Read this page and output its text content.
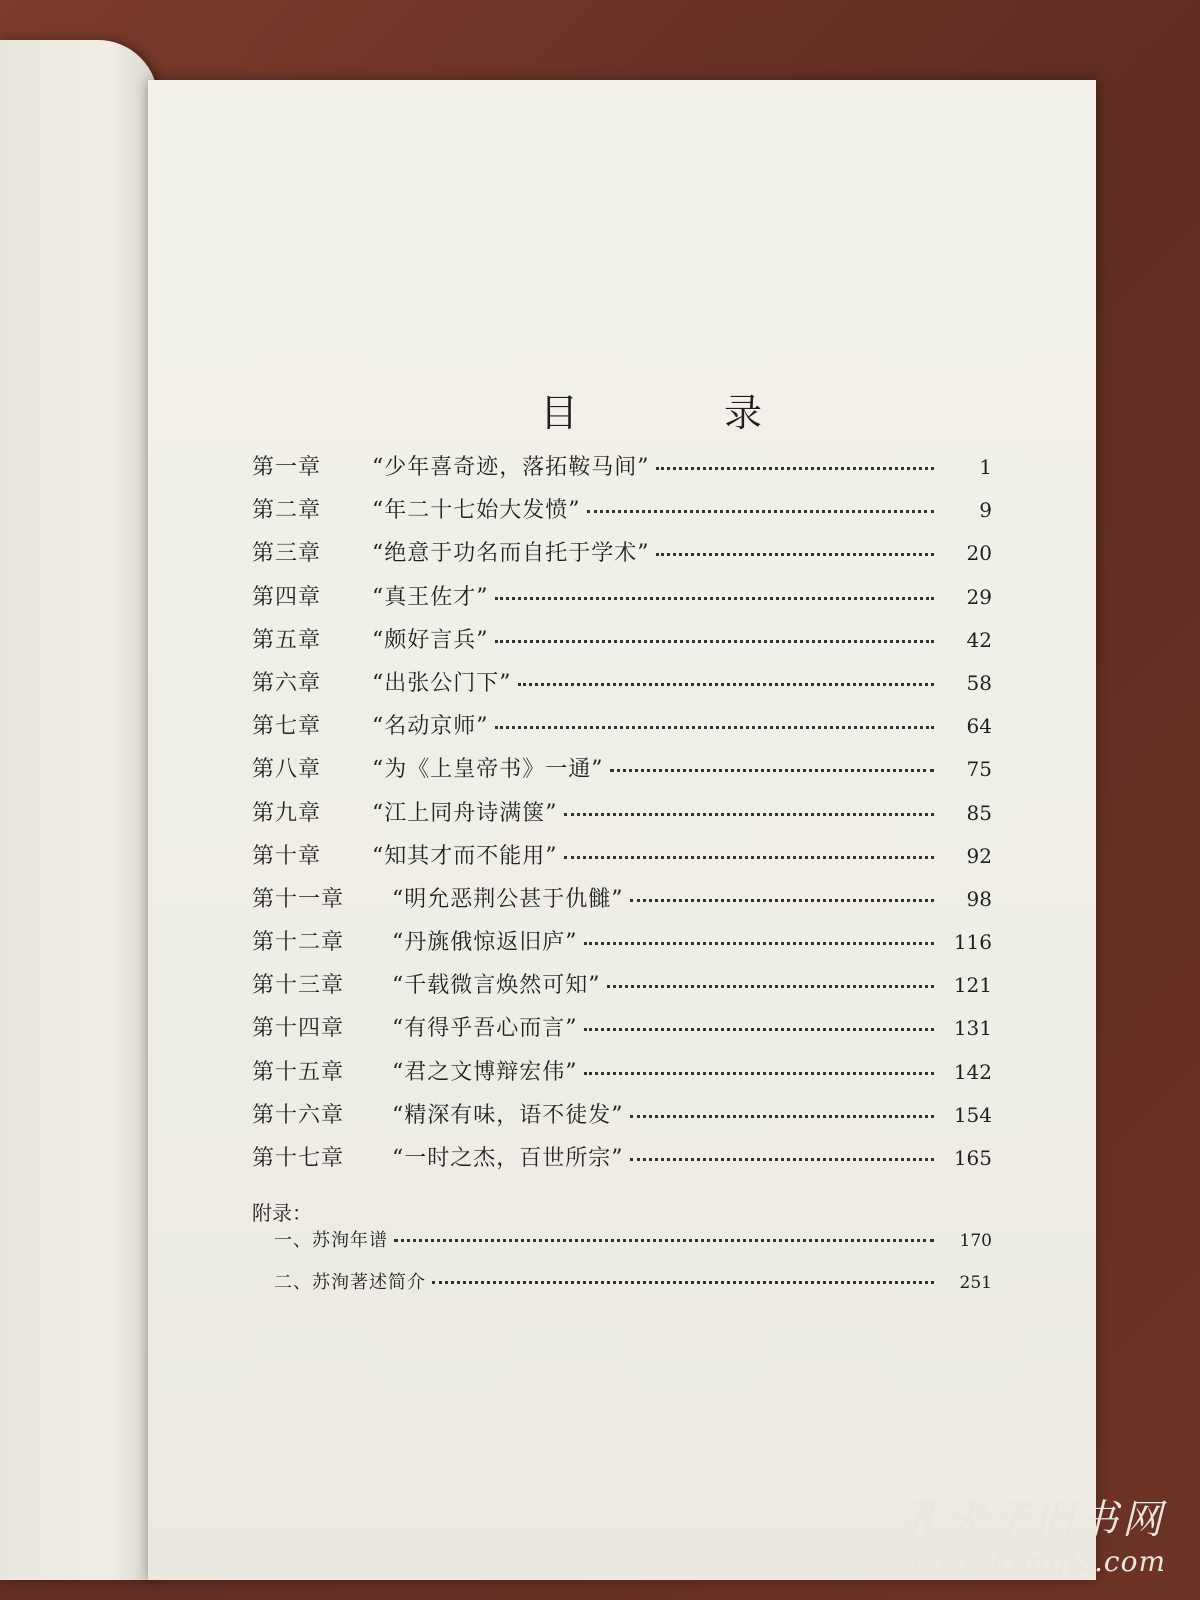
目　录
第一章	“少年喜奇迹，落拓鞍马间”	1
第二章	“年二十七始大发愤”	9
第三章	“绝意于功名而自托于学术”	20
第四章	“真王佐才”	29
第五章	“颇好言兵”	42
第六章	“出张公门下”	58
第七章	“名动京师”	64
第八章	“为《上皇帝书》一通”	75
第九章	“江上同舟诗满箧”	85
第十章	“知其才而不能用”	92
第十一章	“明允恶荆公甚于仇雠”	98
第十二章	“丹旐俄惊返旧庐”	116
第十三章	“千载微言焕然可知”	121
第十四章	“有得乎吾心而言”	131
第十五章	“君之文博辩宏伟”	142
第十六章	“精深有味，语不徒发”	154
第十七章	“一时之杰，百世所宗”	165
附录：
一、苏洵年谱	170
二、苏洵著述简介	251
孔夫子旧书网
www.kongfz.com
